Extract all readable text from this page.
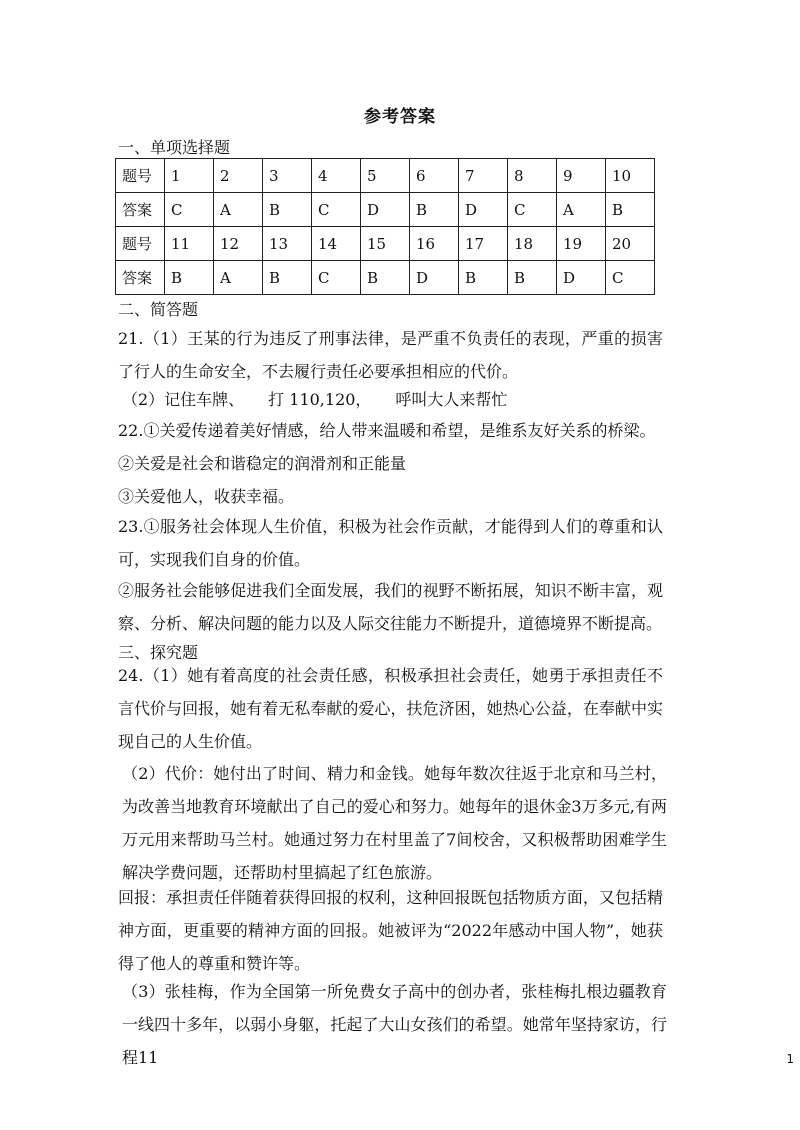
参考答案
一、单项选择题
题号	1	2	3	4	5	6	7	8	9	10
答案	C	A	B	C	D	B	D	C	A	B
题号	11	12	13	14	15	16	17	18	19	20
答案	B	A	B	C	B	D	B	B	D	C
二、简答题
21.（1）王某的行为违反了刑事法律，是严重不负责任的表现，严重的损害了行人的生命安全，不去履行责任必要承担相应的代价。
（2）记住车牌、　　打 110,120，　　呼叫大人来帮忙
22.①关爱传递着美好情感，给人带来温暖和希望，是维系友好关系的桥梁。
②关爱是社会和谐稳定的润滑剂和正能量
③关爱他人，收获幸福。
23.①服务社会体现人生价值，积极为社会作贡献，才能得到人们的尊重和认可，实现我们自身的价值。
②服务社会能够促进我们全面发展，我们的视野不断拓展，知识不断丰富，观察、分析、解决问题的能力以及人际交往能力不断提升，道德境界不断提高。
三、探究题
24.（1）她有着高度的社会责任感，积极承担社会责任，她勇于承担责任不言代价与回报，她有着无私奉献的爱心，扶危济困，她热心公益，在奉献中实现自己的人生价值。
（2）代价：她付出了时间、精力和金钱。她每年数次往返于北京和马兰村，为改善当地教育环境献出了自己的爱心和努力。她每年的退休金3万多元,有两万元用来帮助马兰村。她通过努力在村里盖了7间校舍，又积极帮助困难学生解决学费问题，还帮助村里搞起了红色旅游。
回报：承担责任伴随着获得回报的权利，这种回报既包括物质方面，又包括精神方面，更重要的精神方面的回报。她被评为“2022年感动中国人物”，她获得了他人的尊重和赞许等。
（3）张桂梅，作为全国第一所免费女子高中的创办者，张桂梅扎根边疆教育一线四十多年，以弱小身躯，托起了大山女孩们的希望。她常年坚持家访，行程11	1
